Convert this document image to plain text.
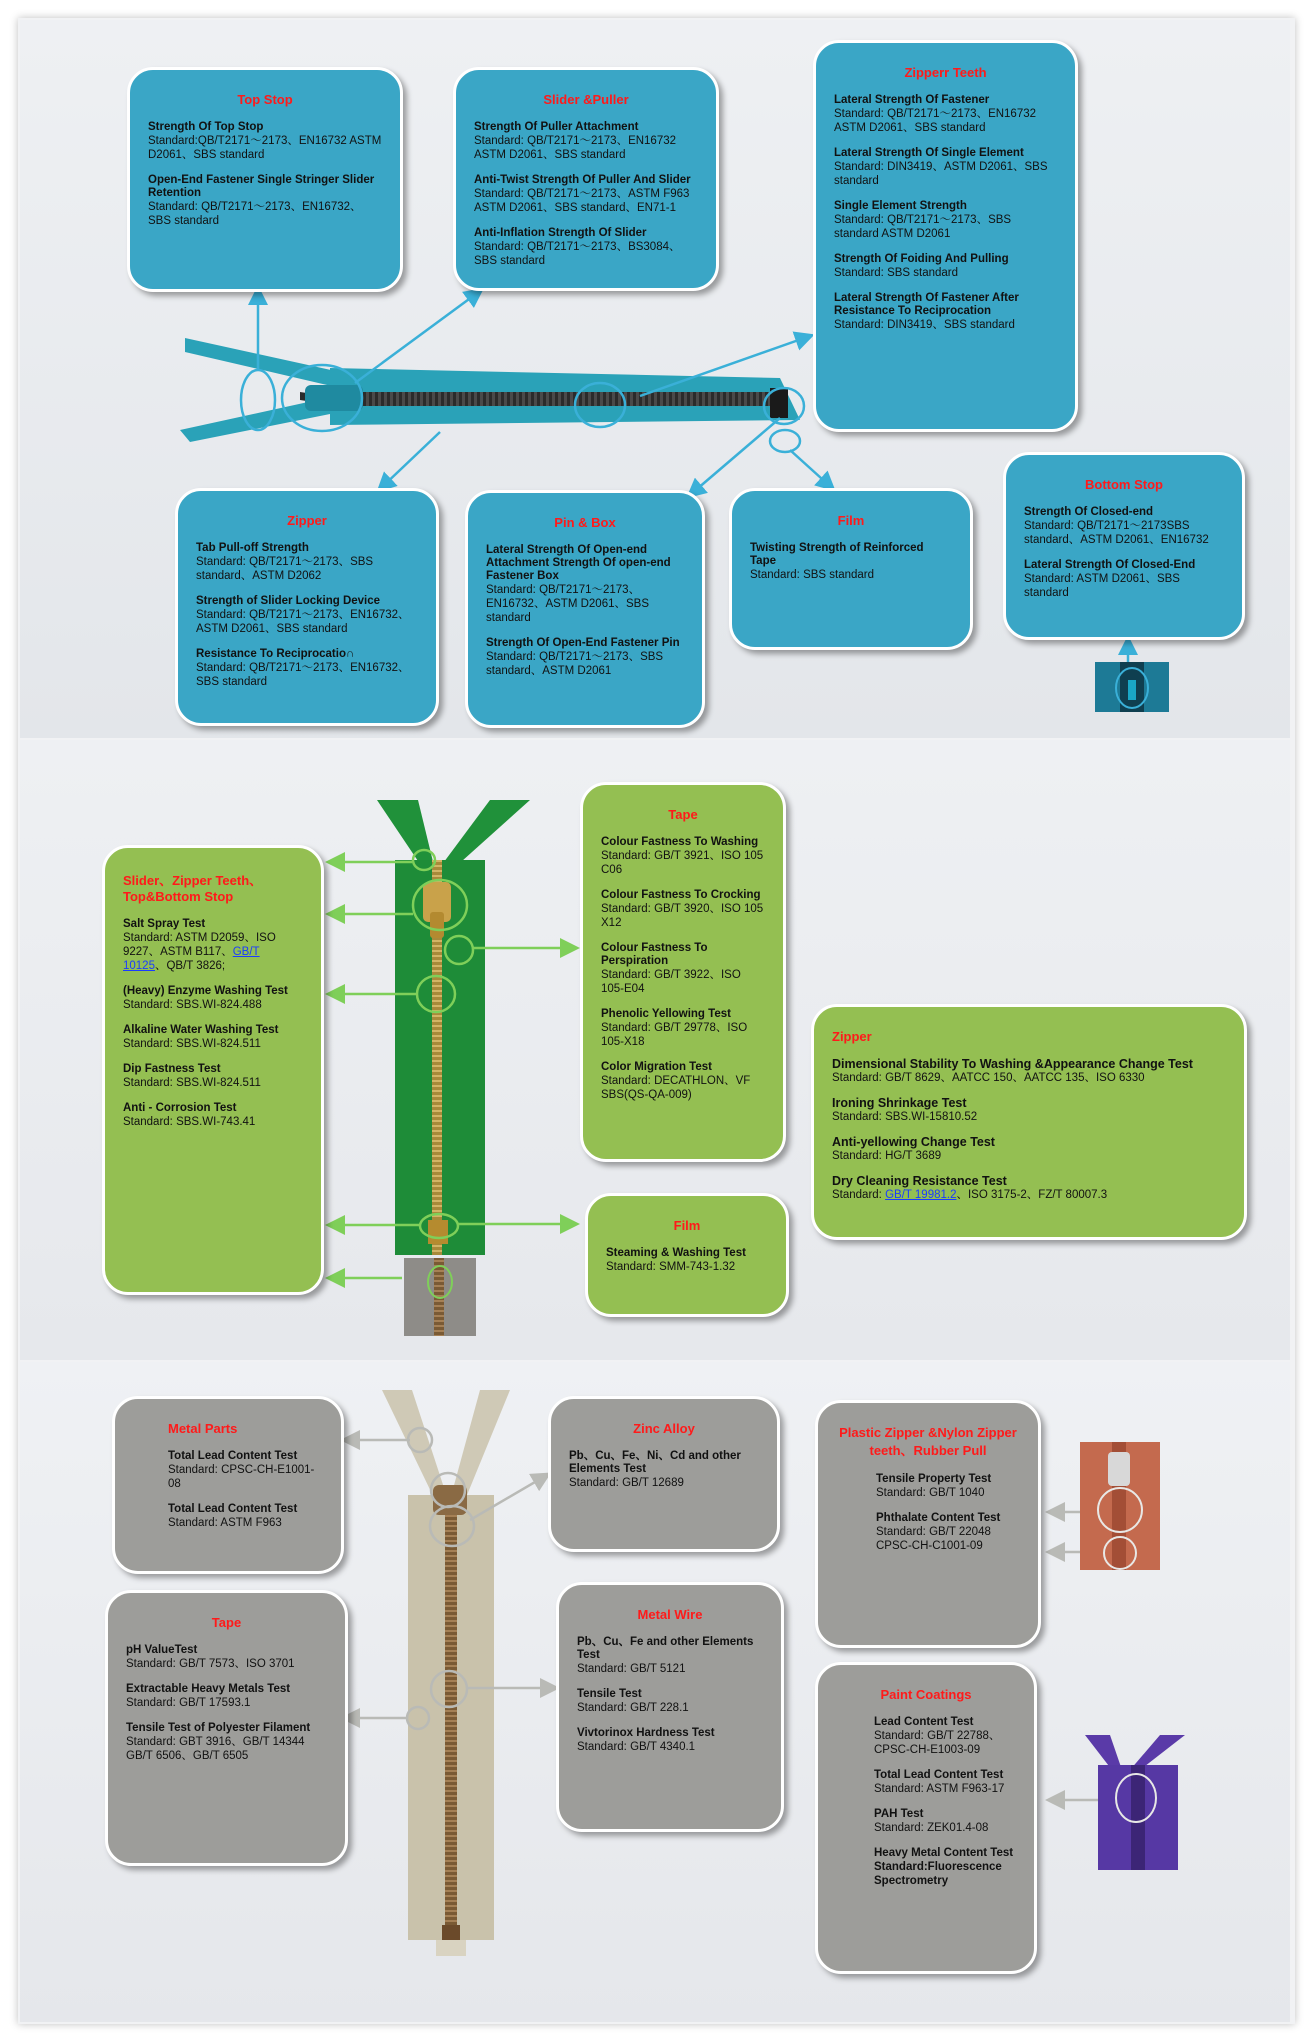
Top Stop
Strength Of Top Stop
Standard:QB/T2171～2173、EN16732 ASTM D2061、SBS standard
Open-End Fastener Single Stringer Slider Retention
Standard: QB/T2171～2173、EN16732、SBS standard
Slider &Puller
Strength Of Puller Attachment
Standard: QB/T2171～2173、EN16732 ASTM D2061、SBS standard
Anti-Twist Strength Of Puller And Slider
Standard: QB/T2171～2173、ASTM F963 ASTM D2061、SBS standard、EN71-1
Anti-Inflation Strength Of Slider
Standard: QB/T2171～2173、BS3084、SBS standard
Zipperr Teeth
Lateral Strength Of Fastener
Standard: QB/T2171～2173、EN16732 ASTM D2061、SBS standard
Lateral Strength Of Single Element
Standard: DIN3419、ASTM D2061、SBS standard
Single Element Strength
Standard: QB/T2171～2173、SBS standard ASTM D2061
Strength Of Foiding And Pulling
Standard: SBS standard
Lateral Strength Of Fastener After Resistance To Reciprocation
Standard: DIN3419、SBS standard
Zipper
Tab Pull-off Strength
Standard: QB/T2171～2173、SBS standard、ASTM D2062
Strength of Slider Locking Device
Standard: QB/T2171～2173、EN16732、ASTM D2061、SBS standard
Resistance To Reciprocatio∩
Standard: QB/T2171～2173、EN16732、SBS standard
Pin & Box
Lateral Strength Of Open-end Attachment Strength Of open-end Fastener Box
Standard: QB/T2171～2173、EN16732、ASTM D2061、SBS standard
Strength Of Open-End Fastener Pin
Standard: QB/T2171～2173、SBS standard、ASTM D2061
Film
Twisting Strength of Reinforced Tape
Standard: SBS standard
Bottom Stop
Strength Of Closed-end
Standard: QB/T2171～2173SBS standard、ASTM D2061、EN16732
Lateral Strength Of Closed-End
Standard: ASTM D2061、SBS standard
Slider、Zipper Teeth、Top&Bottom Stop
Salt Spray Test
Standard: ASTM D2059、ISO 9227、ASTM B117、GB/T 10125、QB/T 3826;
(Heavy) Enzyme Washing Test
Standard: SBS.WI-824.488
Alkaline Water Washing Test
Standard: SBS.WI-824.511
Dip Fastness Test
Standard: SBS.WI-824.511
Anti - Corrosion Test
Standard: SBS.WI-743.41
Tape
Colour Fastness To Washing
Standard: GB/T 3921、ISO 105 C06
Colour Fastness To Crocking
Standard: GB/T 3920、ISO 105 X12
Colour Fastness To Perspiration
Standard: GB/T 3922、ISO 105-E04
Phenolic Yellowing Test
Standard: GB/T 29778、ISO 105-X18
Color Migration Test
Standard: DECATHLON、VF SBS(QS-QA-009)
Film
Steaming & Washing Test
Standard: SMM-743-1.32
Zipper
Dimensional Stability To Washing &Appearance Change Test
Standard: GB/T 8629、AATCC 150、AATCC 135、ISO 6330
Ironing Shrinkage Test
Standard: SBS.WI-15810.52
Anti-yellowing Change Test
Standard: HG/T 3689
Dry Cleaning Resistance Test
Standard: GB/T 19981.2、ISO 3175-2、FZ/T 80007.3
Metal Parts
Total Lead Content Test
Standard: CPSC-CH-E1001-08
Total Lead Content Test
Standard: ASTM F963
Tape
pH ValueTest
Standard: GB/T 7573、ISO 3701
Extractable Heavy Metals Test
Standard: GB/T 17593.1
Tensile Test of Polyester Filament
Standard: GBT 3916、GB/T 14344 GB/T 6506、GB/T 6505
Zinc Alloy
Pb、Cu、Fe、Ni、Cd and other Elements Test
Standard: GB/T 12689
Metal Wire
Pb、Cu、Fe and other Elements Test
Standard: GB/T 5121
Tensile Test
Standard: GB/T 228.1
Vivtorinox Hardness Test
Standard: GB/T 4340.1
Plastic Zipper &Nylon Zipper teeth、Rubber Pull
Tensile Property Test
Standard: GB/T 1040
Phthalate Content Test
Standard: GB/T 22048 CPSC-CH-C1001-09
Paint Coatings
Lead Content Test
Standard: GB/T 22788、CPSC-CH-E1003-09
Total Lead Content Test
Standard: ASTM F963-17
PAH Test
Standard: ZEK01.4-08
Heavy Metal Content Test
Standard:Fluorescence Spectrometry
